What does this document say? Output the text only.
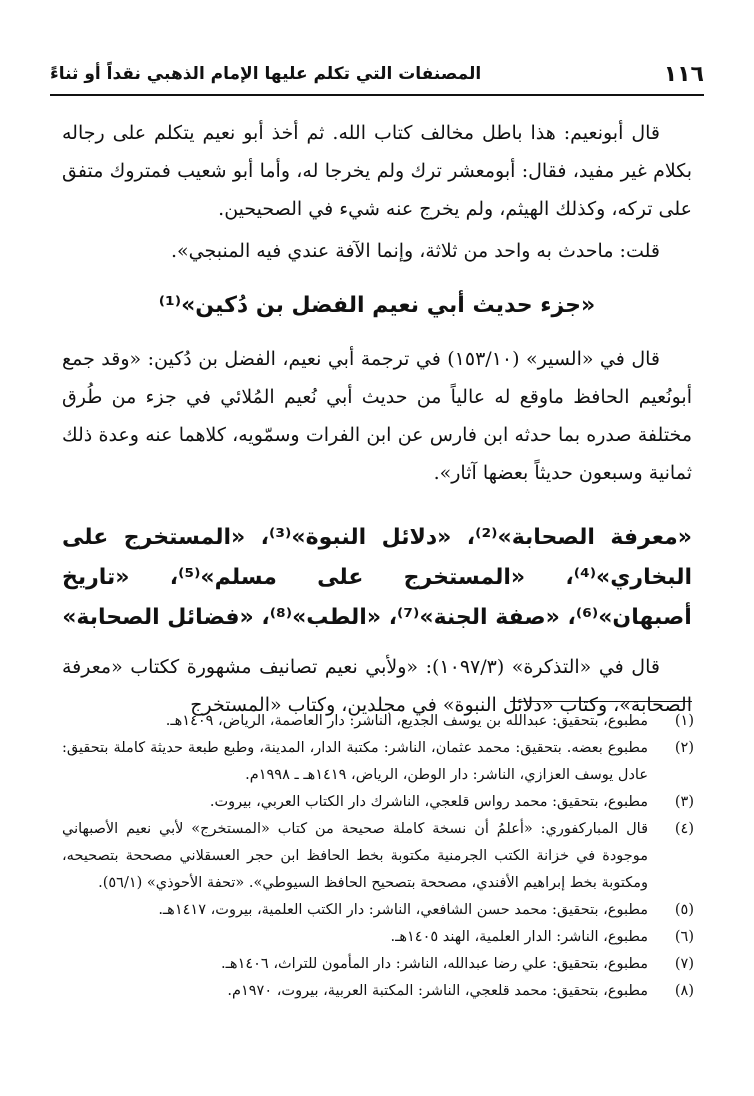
١١٦
المصنفات التي تكلم عليها الإمام الذهبي نقداً أو ثناءً

قال أبونعيم: هذا باطل مخالف كتاب الله. ثم أخذ أبو نعيم يتكلم على رجاله بكلام غير مفيد، فقال: أبومعشر ترك ولم يخرجا له، وأما أبو شعيب فمتروك متفق على تركه، وكذلك الهيثم، ولم يخرج عنه شيء في الصحيحين.

قلت: ماحدث به واحد من ثلاثة، وإنما الآفة عندي فيه المنبجي».

«جزء حديث أبي نعيم الفضل بن دُكين»⁽¹⁾

قال في «السير» (١٥٣/١٠) في ترجمة أبي نعيم، الفضل بن دُكين: «وقد جمع أبونُعيم الحافظ ماوقع له عالياً من حديث أبي نُعيم المُلائي في جزء من طُرق مختلفة صدره بما حدثه ابن فارس عن ابن الفرات وسمّويه، كلاهما عنه وعدة ذلك ثمانية وسبعون حديثاً بعضها آثار».

«معرفة الصحابة»⁽²⁾، «دلائل النبوة»⁽³⁾، «المستخرج على البخاري»⁽⁴⁾، «المستخرج على مسلم»⁽⁵⁾، «تاريخ أصبهان»⁽⁶⁾، «صفة الجنة»⁽⁷⁾، «الطب»⁽⁸⁾، «فضائل الصحابة»

قال في «التذكرة» (١٠٩٧/٣): «ولأبي نعيم تصانيف مشهورة ككتاب «معرفة الصحابة»، وكتاب «دلائل النبوة» في مجلدين، وكتاب «المستخرج

(١)
مطبوع، بتحقيق: عبدالله بن يوسف الجديع، الناشر: دار العاصمة، الرياض، ١٤٠٩هـ.
(٢)
مطبوع بعضه. بتحقيق: محمد عثمان، الناشر: مكتبة الدار، المدينة، وطبع طبعة حديثة كاملة بتحقيق: عادل يوسف العزازي، الناشر: دار الوطن، الرياض، ١٤١٩هـ ـ ١٩٩٨م.
(٣)
مطبوع، بتحقيق: محمد رواس قلعجي، الناشرك دار الكتاب العربي، بيروت.
(٤)
قال المباركفوري: «أعلمُ أن نسخة كاملة صحيحة من كتاب «المستخرج» لأبي نعيم الأصبهاني موجودة في خزانة الكتب الجرمنية مكتوبة بخط الحافظ ابن حجر العسقلاني مصححة بتصحيحه، ومكتوبة بخط إبراهيم الأفندي، مصححة بتصحيح الحافظ السيوطي». «تحفة الأحوذي» (٥٦/١).
(٥)
مطبوع، بتحقيق: محمد حسن الشافعي، الناشر: دار الكتب العلمية، بيروت، ١٤١٧هـ.
(٦)
مطبوع، الناشر: الدار العلمية، الهند ١٤٠٥هـ.
(٧)
مطبوع، بتحقيق: علي رضا عبدالله، الناشر: دار المأمون للتراث، ١٤٠٦هـ.
(٨)
مطبوع، بتحقيق: محمد قلعجي، الناشر: المكتبة العربية، بيروت، ١٩٧٠م.
